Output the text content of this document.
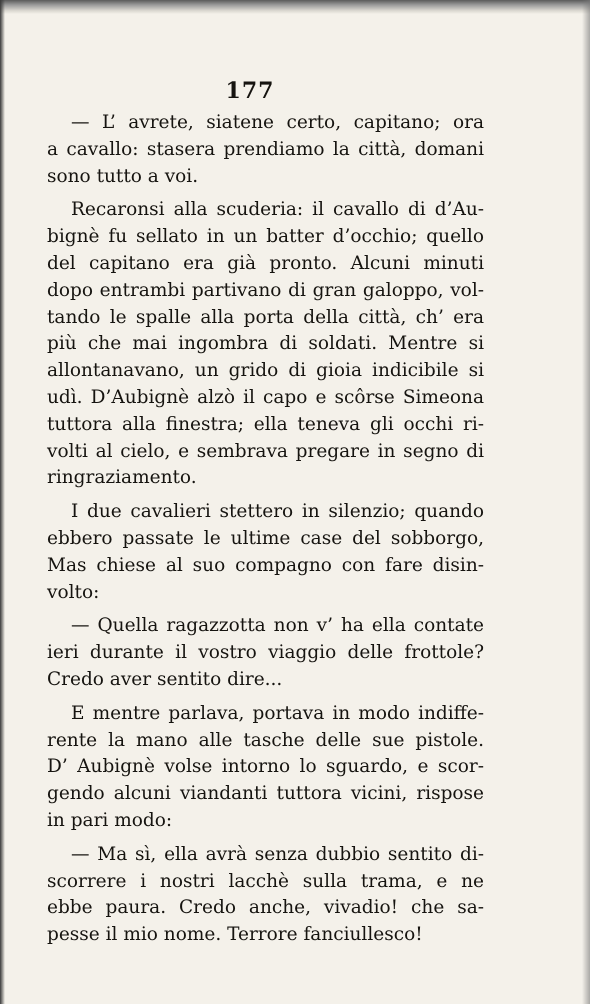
177
— L’ avrete, siatene certo, capitano; ora
a cavallo: stasera prendiamo la città, domani
sono tutto a voi.
Recaronsi alla scuderia: il cavallo di d’Au-
bignè fu sellato in un batter d’occhio; quello
del capitano era già pronto. Alcuni minuti
dopo entrambi partivano di gran galoppo, vol-
tando le spalle alla porta della città, ch’ era
più che mai ingombra di soldati. Mentre si
allontanavano, un grido di gioia indicibile si
udì. D’Aubignè alzò il capo e scôrse Simeona
tuttora alla finestra; ella teneva gli occhi ri-
volti al cielo, e sembrava pregare in segno di
ringraziamento.
I due cavalieri stettero in silenzio; quando
ebbero passate le ultime case del sobborgo,
Mas chiese al suo compagno con fare disin-
volto:
— Quella ragazzotta non v’ ha ella contate
ieri durante il vostro viaggio delle frottole?
Credo aver sentito dire...
E mentre parlava, portava in modo indiffe-
rente la mano alle tasche delle sue pistole.
D’ Aubignè volse intorno lo sguardo, e scor-
gendo alcuni viandanti tuttora vicini, rispose
in pari modo:
— Ma sì, ella avrà senza dubbio sentito di-
scorrere i nostri lacchè sulla trama, e ne
ebbe paura. Credo anche, vivadio! che sa-
pesse il mio nome. Terrore fanciullesco!
